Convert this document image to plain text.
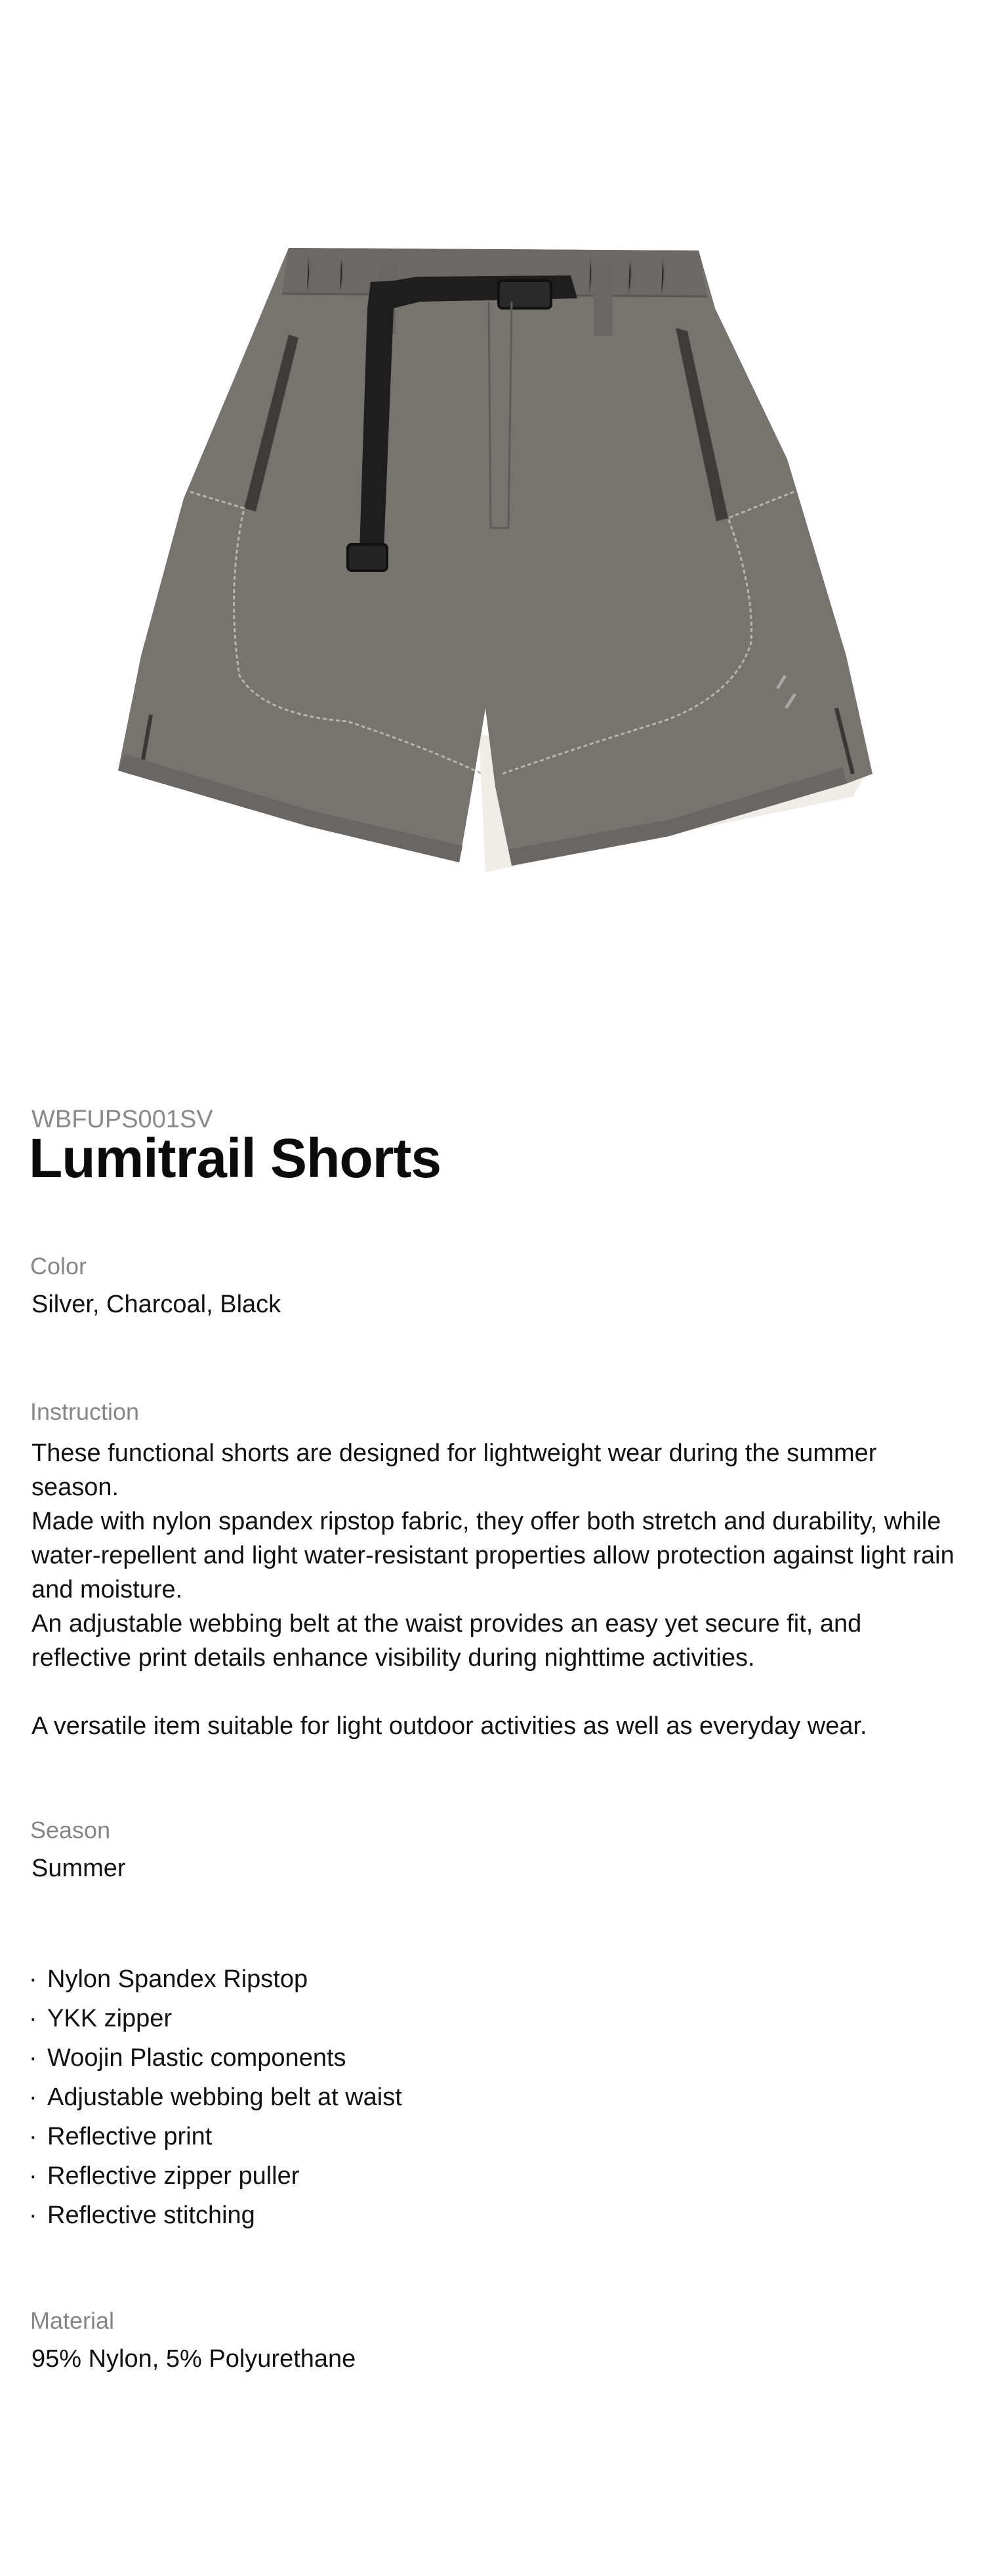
WBFUPS001SV
Lumitrail Shorts
Color
Silver, Charcoal, Black
Instruction

These functional shorts are designed for lightweight wear during the summer season.

Made with nylon spandex ripstop fabric, they offer both stretch and durability, while water-repellent and light water-resistant properties allow protection against light rain and moisture.

An adjustable webbing belt at the waist provides an easy yet secure fit, and reflective print details enhance visibility during nighttime activities.

A versatile item suitable for light outdoor activities as well as everyday wear.

Season
Summer
· Nylon Spandex Ripstop
· YKK zipper
· Woojin Plastic components
· Adjustable webbing belt at waist
· Reflective print
· Reflective zipper puller
· Reflective stitching
Material
95% Nylon, 5% Polyurethane
